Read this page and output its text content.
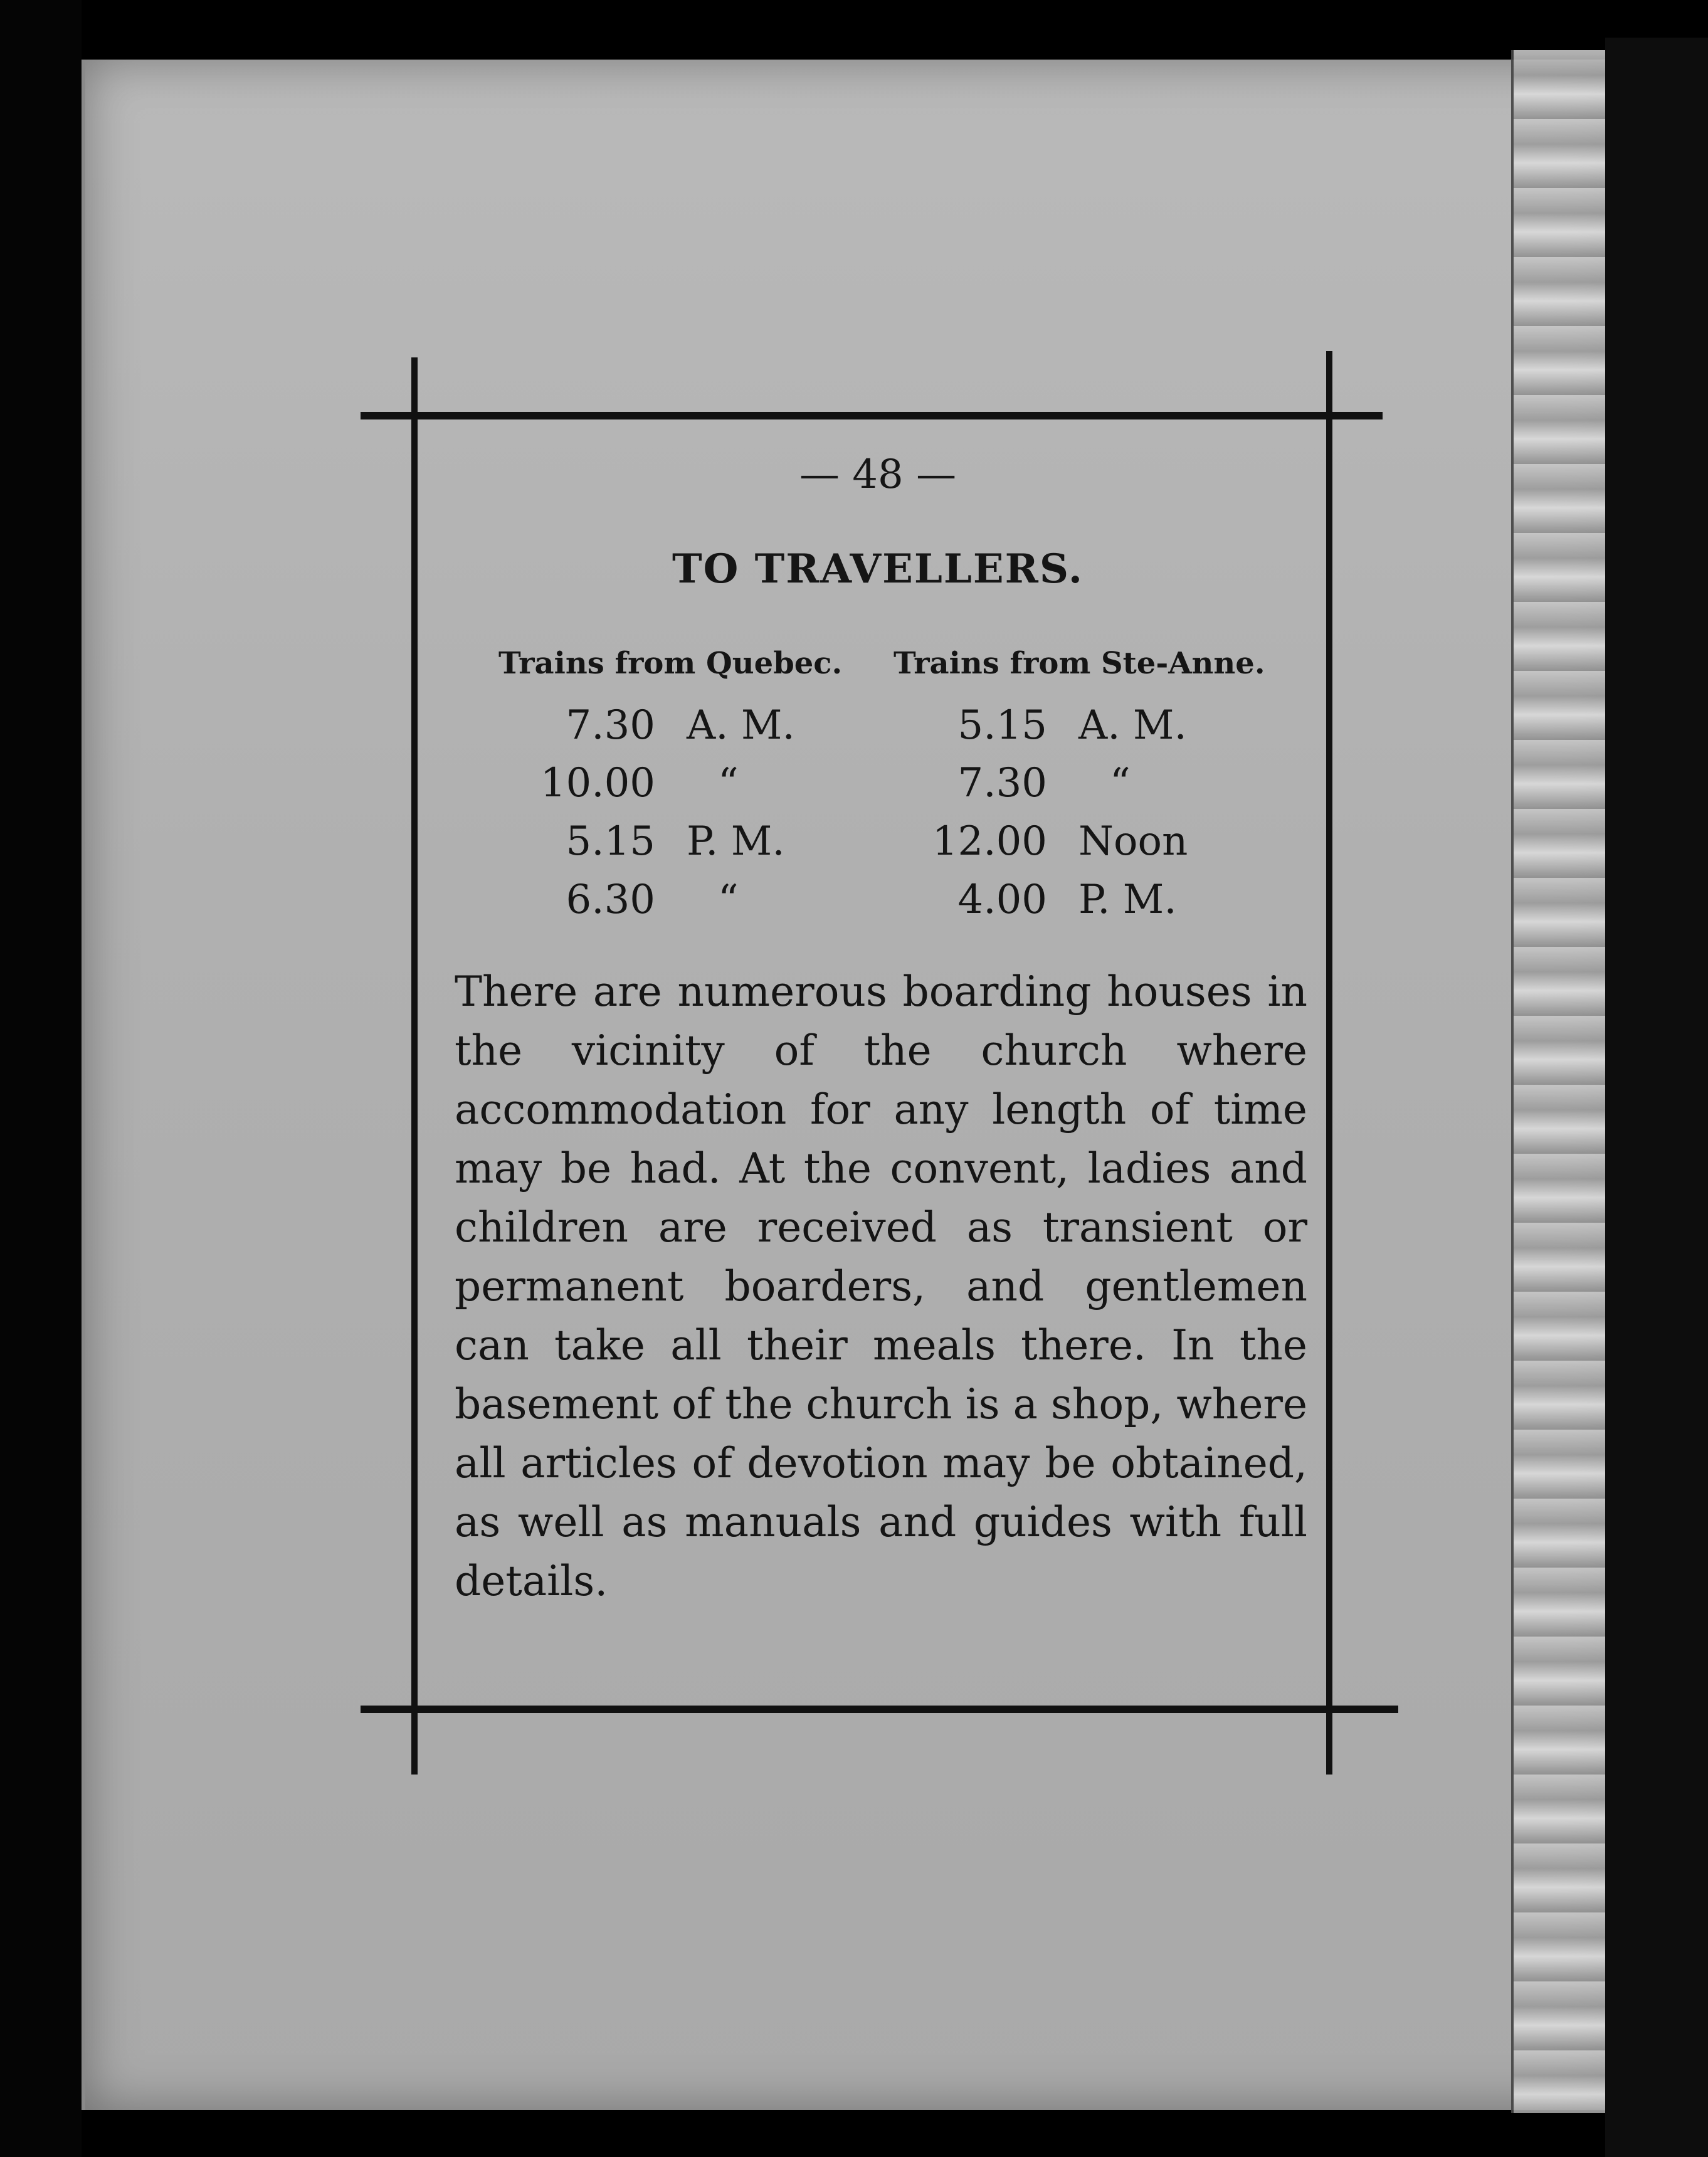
— 48 —
TO TRAVELLERS.
Trains from Quebec. Trains from Ste-Anne.
7.30 A. M.
10.00 “
5.15 P. M.
6.30 “
5.15 A. M.
7.30 “
12.00 Noon
4.00 P. M.
There are numerous boarding houses in the vicinity of the church where accommodation for any length of time may be had. At the convent, ladies and children are received as transient or permanent boarders, and gentlemen can take all their meals there. In the basement of the church is a shop, where all articles of devotion may be obtained, as well as manuals and guides with full details.
